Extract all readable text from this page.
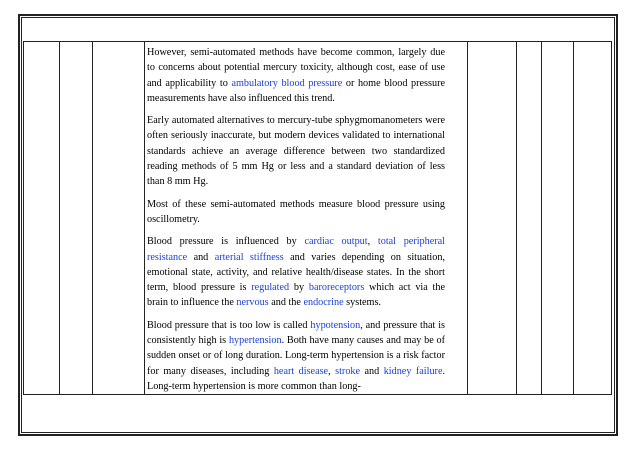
However, semi-automated methods have become common, largely due to concerns about potential mercury toxicity, although cost, ease of use and applicability to ambulatory blood pressure or home blood pressure measurements have also influenced this trend.

Early automated alternatives to mercury-tube sphygmomanometers were often seriously inaccurate, but modern devices validated to international standards achieve an average difference between two standardized reading methods of 5 mm Hg or less and a standard deviation of less than 8 mm Hg.

Most of these semi-automated methods measure blood pressure using oscillometry.

Blood pressure is influenced by cardiac output, total peripheral resistance and arterial stiffness and varies depending on situation, emotional state, activity, and relative health/disease states. In the short term, blood pressure is regulated by baroreceptors which act via the brain to influence the nervous and the endocrine systems.

Blood pressure that is too low is called hypotension, and pressure that is consistently high is hypertension. Both have many causes and may be of sudden onset or of long duration. Long-term hypertension is a risk factor for many diseases, including heart disease, stroke and kidney failure. Long-term hypertension is more common than long-
